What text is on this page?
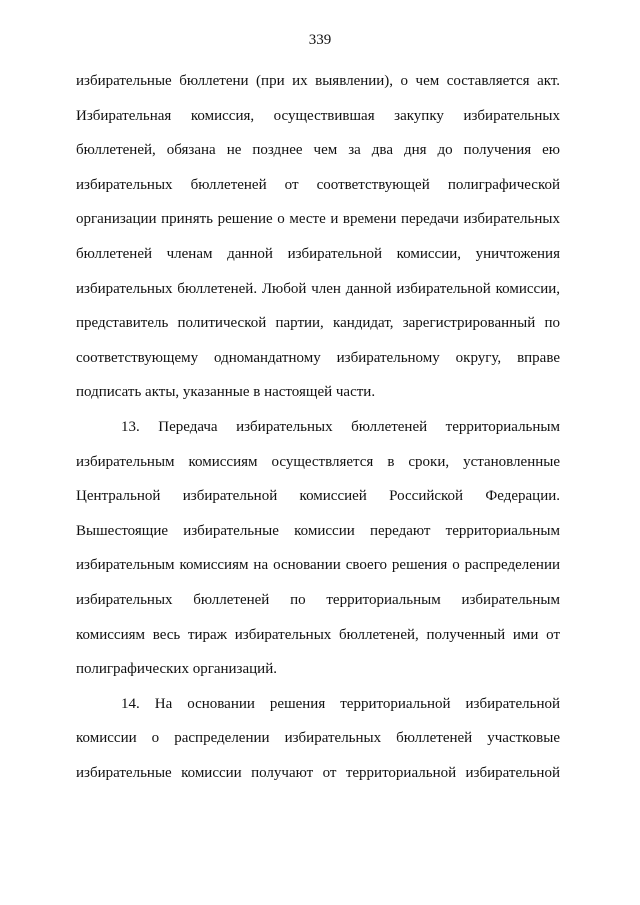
339
избирательные бюллетени (при их выявлении), о чем составляется акт.
Избирательная комиссия, осуществившая закупку избирательных
бюллетеней, обязана не позднее чем за два дня до получения ею
избирательных бюллетеней от соответствующей полиграфической
организации принять решение о месте и времени передачи избирательных
бюллетеней членам данной избирательной комиссии, уничтожения
избирательных бюллетеней. Любой член данной избирательной комиссии,
представитель политической партии, кандидат, зарегистрированный по
соответствующему одномандатному избирательному округу, вправе
подписать акты, указанные в настоящей части.
13. Передача избирательных бюллетеней территориальным
избирательным комиссиям осуществляется в сроки, установленные
Центральной избирательной комиссией Российской Федерации.
Вышестоящие избирательные комиссии передают территориальным
избирательным комиссиям на основании своего решения о распределении
избирательных бюллетеней по территориальным избирательным
комиссиям весь тираж избирательных бюллетеней, полученный ими от
полиграфических организаций.
14. На основании решения территориальной избирательной
комиссии о распределении избирательных бюллетеней участковые
избирательные комиссии получают от территориальной избирательной
